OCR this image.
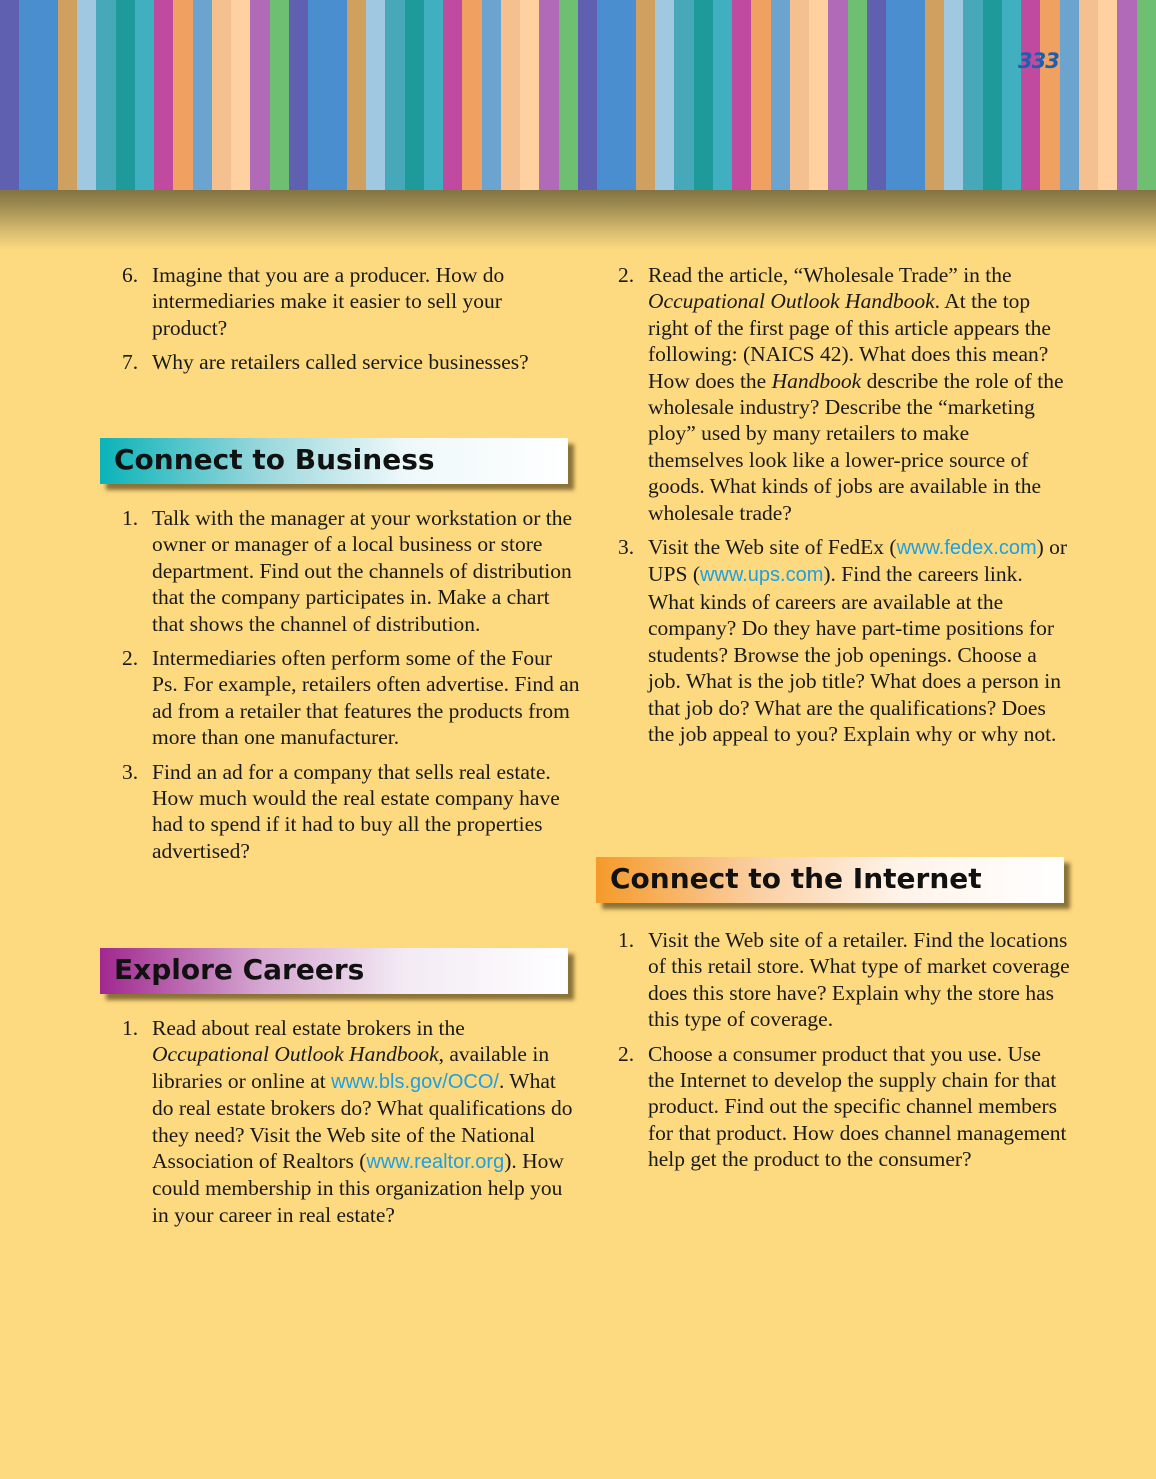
333
6. Imagine that you are a producer. How do intermediaries make it easier to sell your product?
7. Why are retailers called service businesses?
Connect to Business
1. Talk with the manager at your workstation or the owner or manager of a local business or store department. Find out the channels of distribution that the company participates in. Make a chart that shows the channel of distribution.
2. Intermediaries often perform some of the Four Ps. For example, retailers often advertise. Find an ad from a retailer that features the products from more than one manufacturer.
3. Find an ad for a company that sells real estate. How much would the real estate company have had to spend if it had to buy all the properties advertised?
Explore Careers
1. Read about real estate brokers in the Occupational Outlook Handbook, available in libraries or online at www.bls.gov/OCO/. What do real estate brokers do? What qualifications do they need? Visit the Web site of the National Association of Realtors (www.realtor.org). How could membership in this organization help you in your career in real estate?
2. Read the article, “Wholesale Trade” in the Occupational Outlook Handbook. At the top right of the first page of this article appears the following: (NAICS 42). What does this mean? How does the Handbook describe the role of the wholesale industry? Describe the “marketing ploy” used by many retailers to make themselves look like a lower-price source of goods. What kinds of jobs are available in the wholesale trade?
3. Visit the Web site of FedEx (www.fedex.com) or UPS (www.ups.com). Find the careers link. What kinds of careers are available at the company? Do they have part-time positions for students? Browse the job openings. Choose a job. What is the job title? What does a person in that job do? What are the qualifications? Does the job appeal to you? Explain why or why not.
Connect to the Internet
1. Visit the Web site of a retailer. Find the locations of this retail store. What type of market coverage does this store have? Explain why the store has this type of coverage.
2. Choose a consumer product that you use. Use the Internet to develop the supply chain for that product. Find out the specific channel members for that product. How does channel management help get the product to the consumer?
